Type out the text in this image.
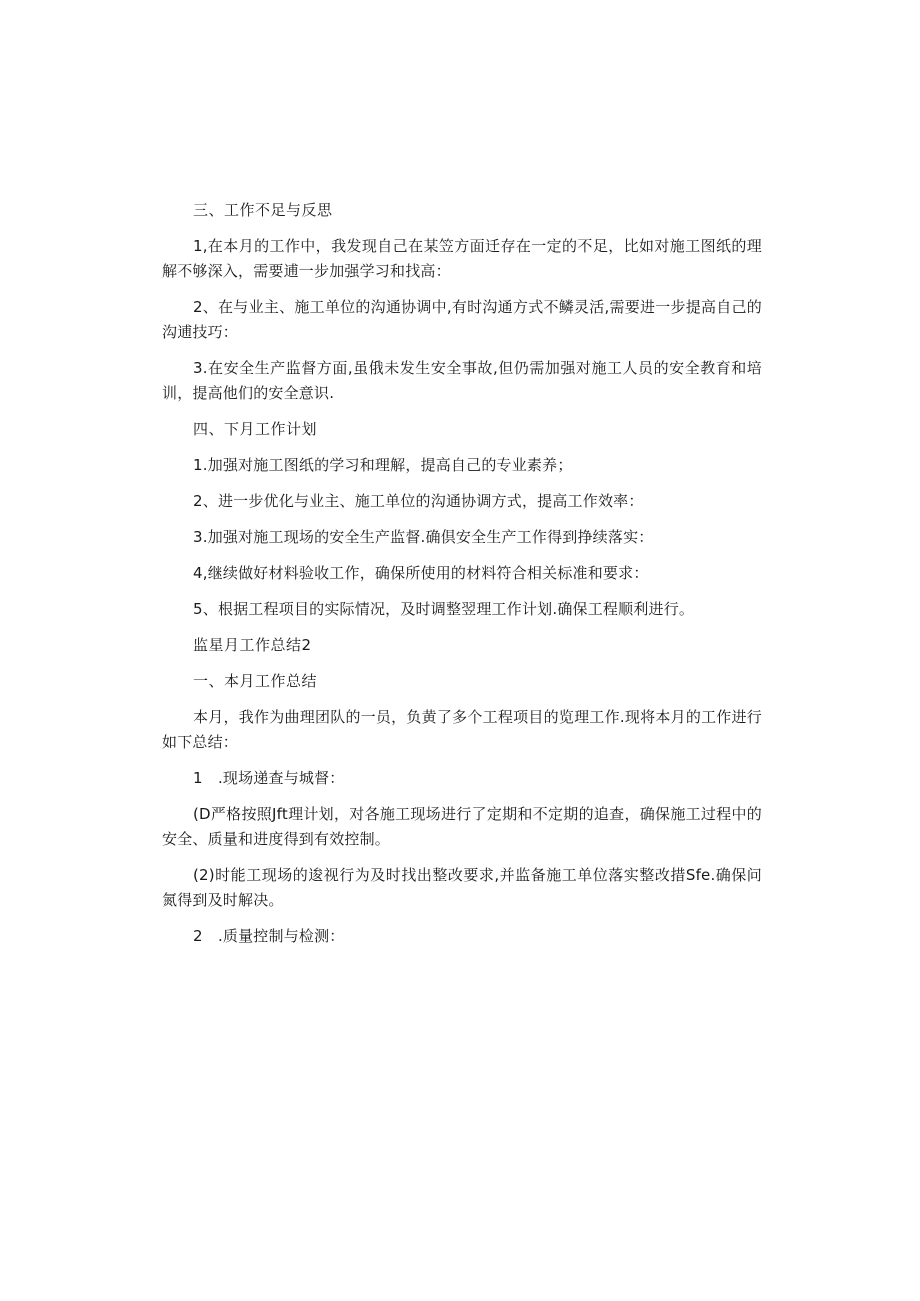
三、工作不足与反思

1,在本月的工作中，我发现自己在某笠方面迁存在一定的不足，比如对施工图纸的理解不够深入，需要逋一步加强学习和找高：

2、在与业主、施工单位的沟通协调中,有时沟通方式不鳞灵活,需要进一步提高自己的沟逋技巧：

3.在安全生产监督方面,虽俄未发生安全事故,但仍需加强对施工人员的安全教育和培训，提高他们的安全意识.

四、下月工作计划

1.加强对施工图纸的学习和理解，提高自己的专业素养；

2、进一步优化与业主、施工单位的沟通协调方式，提高工作效率：

3.加强对施工现场的安全生产监督.确倶安全生产工作得到挣续落实：

4,继续做好材料验收工作，确保所使用的材料符合相关标准和要求：

5、根据工程项目的实际情况，及时调整翌理工作计划.确保工程顺利进行。

监星月工作总结2

一、本月工作总结

本月，我作为曲理团队的一员，负黄了多个工程项目的览理工作.现将本月的工作进行如下总结：

1　.现场递查与城督：

(D严格按照Jft理计划，对各施工现场进行了定期和不定期的追查，确保施工过程中的安全、质量和进度得到有效控制。

(2)时能工现场的逡视行为及时找出整改要求,并监备施工单位落实整改措Sfe.确保问氮得到及时解决。

2　.质量控制与检测：
